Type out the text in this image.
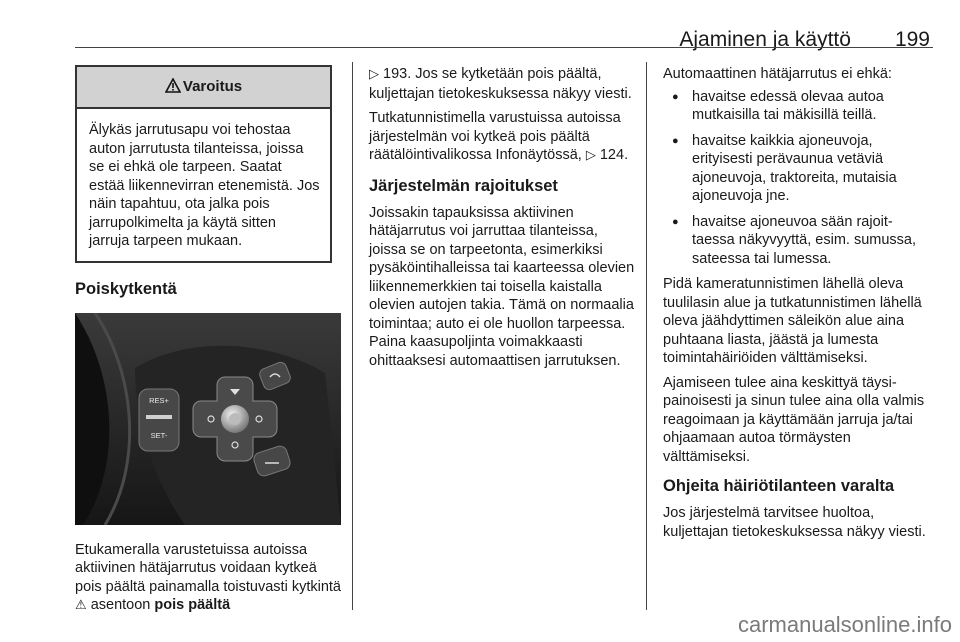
Ajaminen ja käyttö 199
Varoitus
Älykäs jarrutusapu voi tehostaa auton jarrutusta tilanteissa, joissa se ei ehkä ole tarpeen. Saatat estää liikennevirran etenemistä. Jos näin tapahtuu, ota jalka pois jarrupolkimelta ja käytä sitten jarruja tarpeen mukaan.
Poiskytkentä
RES+
SET-

Etukameralla varustetuissa autoissa aktiivinen hätäjarrutus voidaan kytkeä pois päältä painamalla toistuvasti kytkintä ⚠ asentoon pois päältä

▷ 193. Jos se kytketään pois päältä, kuljettajan tietokeskuksessa näkyy viesti.

Tutkatunnistimella varustuissa autoissa järjestelmän voi kytkeä pois päältä räätälöintivalikossa Infonäytössä, ▷ 124.

Järjestelmän rajoitukset

Joissakin tapauksissa aktiivinen hätäjarrutus voi jarruttaa tilanteissa, joissa se on tarpeetonta, esimerkiksi pysäköintihalleissa tai kaarteessa olevien liikennemerkkien tai toisella kaistalla olevien autojen takia. Tämä on normaalia toimintaa; auto ei ole huollon tarpeessa. Paina kaasupoljinta voimakkaasti ohittaaksesi automaattisen jarrutuksen.

Automaattinen hätäjarrutus ei ehkä:

● havaitse edessä olevaa autoa mutkaisilla tai mäkisillä teillä.
● havaitse kaikkia ajoneuvoja, erityisesti perävaunua vetäviä ajoneuvoja, traktoreita, mutaisia ajoneuvoja jne.
● havaitse ajoneuvoa sään rajoittaessa näkyvyyttä, esim. sumussa, sateessa tai lumessa.

Pidä kameratunnistimen lähellä oleva tuulilasin alue ja tutkatunnistimen lähellä oleva jäähdyttimen säleikön alue aina puhtaana liasta, jäästä ja lumesta toimintahäiriöiden välttämiseksi.

Ajamiseen tulee aina keskittyä täysipainoisesti ja sinun tulee aina olla valmis reagoimaan ja käyttämään jarruja ja/tai ohjaamaan autoa törmäysten välttämiseksi.

Ohjeita häiriötilanteen varalta

Jos järjestelmä tarvitsee huoltoa, kuljettajan tietokeskuksessa näkyy viesti.

carmanualsonline.info
